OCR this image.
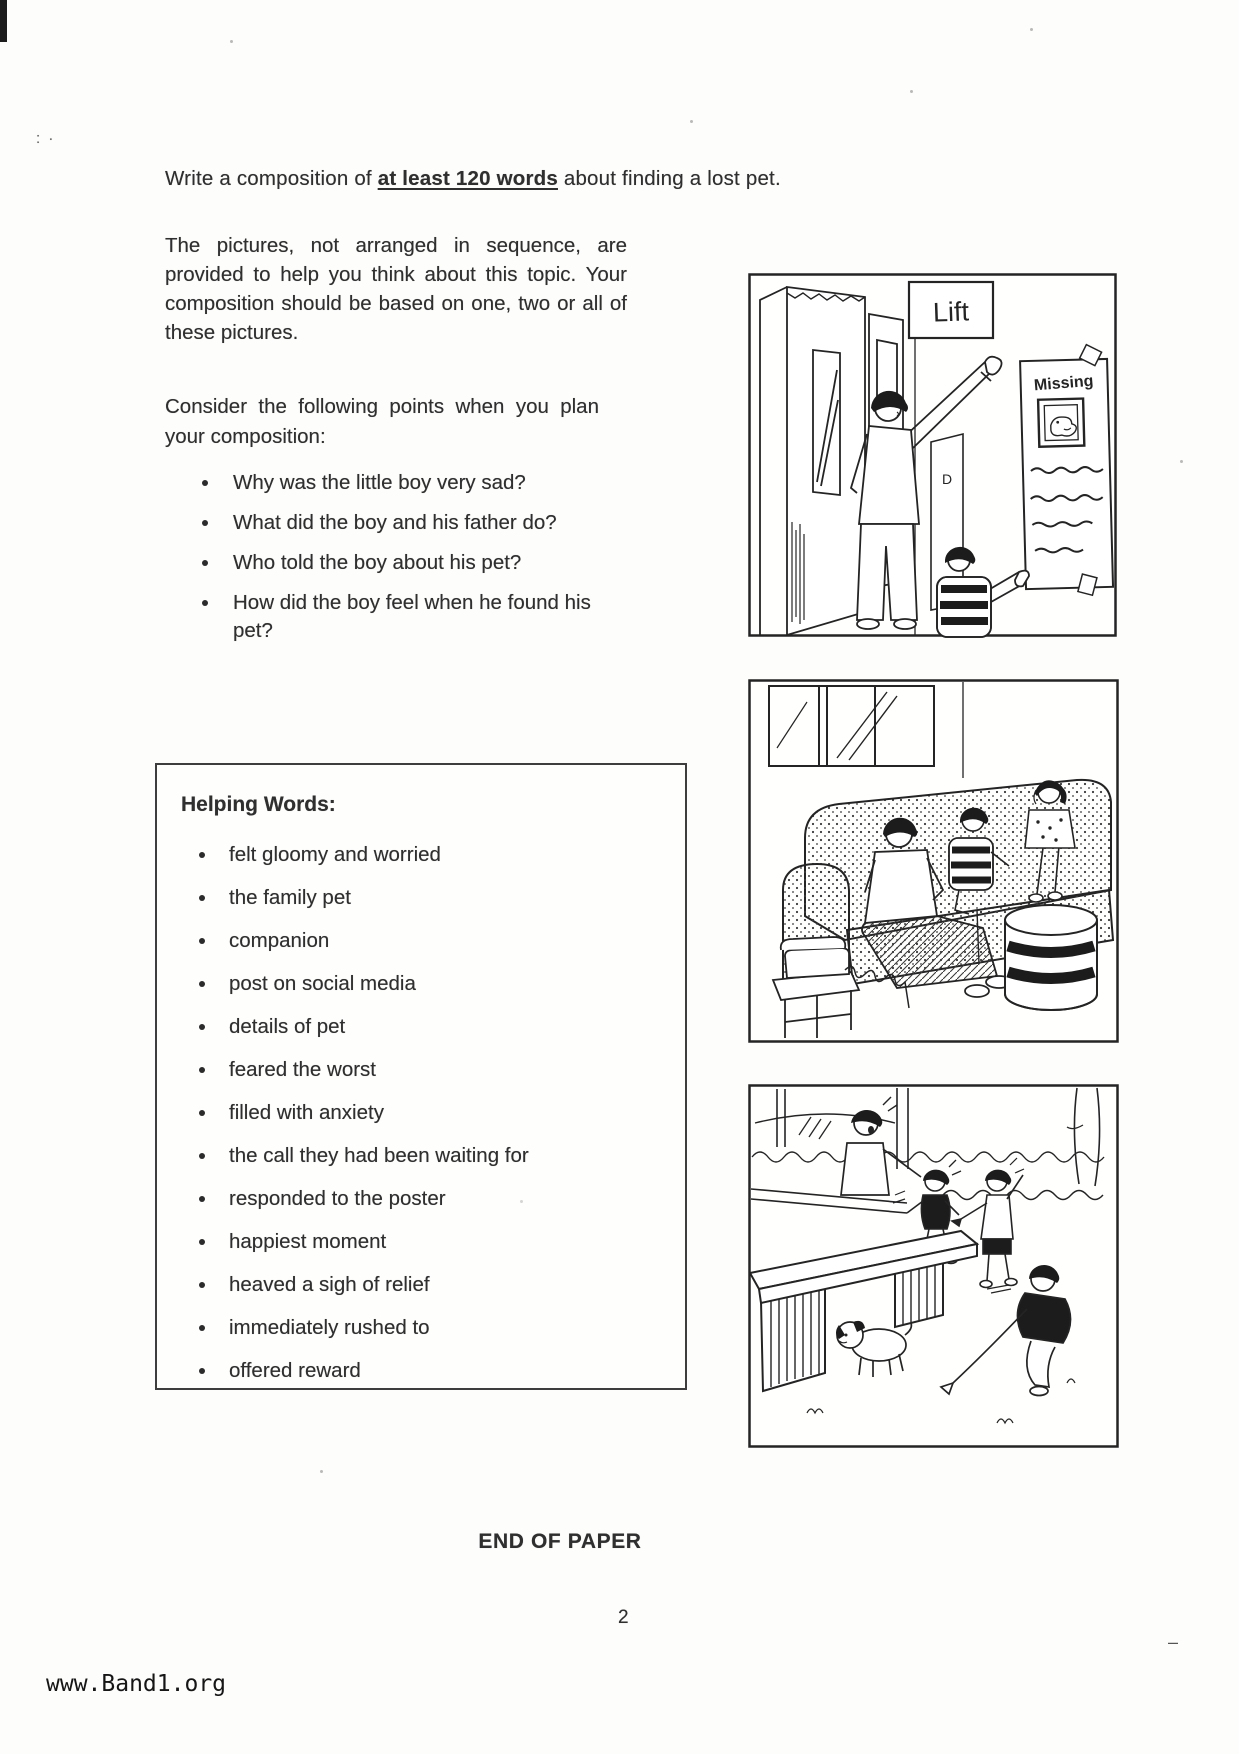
: ·
–
Write a composition of at least 120 words about finding a lost pet.
The pictures, not arranged in sequence, are provided to help you think about this topic. Your composition should be based on one, two or all of these pictures.
Consider the following points when you plan your composition:
Why was the little boy very sad?
What did the boy and his father do?
Who told the boy about his pet?
How did the boy feel when he found his pet?
Helping Words:
felt gloomy and worried
the family pet
companion
post on social media
details of pet
feared the worst
filled with anxiety
the call they had been waiting for
responded to the poster
happiest moment
heaved a sigh of relief
immediately rushed to
offered reward
Lift
D
Missing
END OF PAPER
2
www.Band1.org
